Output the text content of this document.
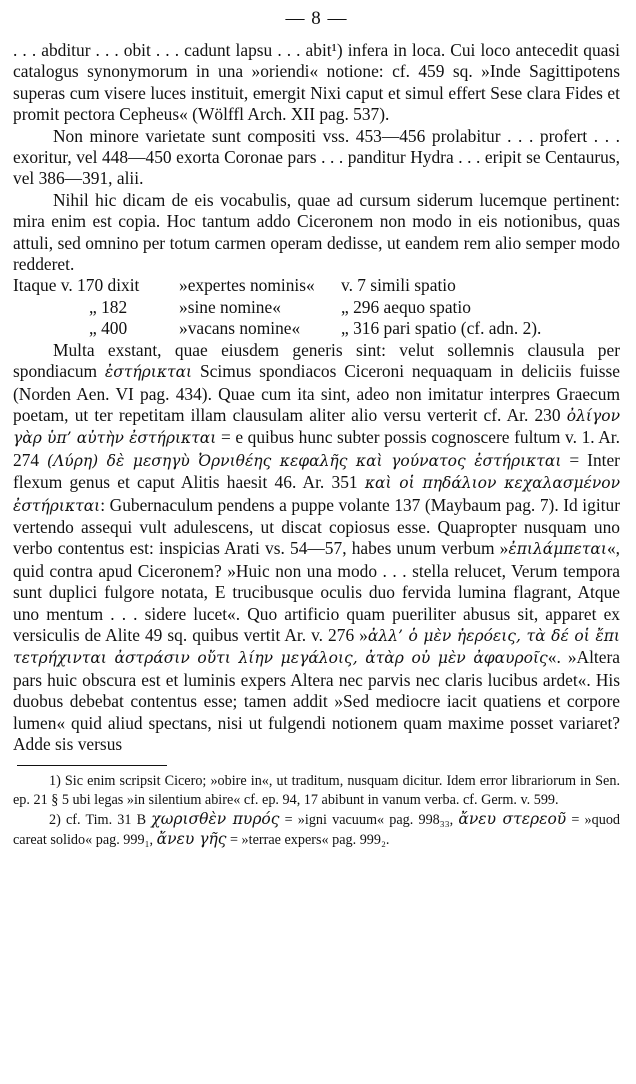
— 8 —

. . . abditur . . . obit . . . cadunt lapsu . . . abit¹) infera in loca. Cui loco antecedit quasi catalogus synonymorum in una »oriendi« notione: cf. 459 sq. »Inde Sagittipotens superas cum visere luces instituit, emergit Nixi caput et simul effert Sese clara Fides et promit pectora Cepheus« (Wölffl Arch. XII pag. 537).

Non minore varietate sunt compositi vss. 453—456 prolabitur . . . profert . . . exoritur, vel 448—450 exorta Coronae pars . . . panditur Hydra . . . eripit se Centaurus, vel 386—391, alii.

Nihil hic dicam de eis vocabulis, quae ad cursum siderum lucemque pertinent: mira enim est copia. Hoc tantum addo Ciceronem non modo in eis notionibus, quas attuli, sed omnino per totum carmen operam dedisse, ut eandem rem alio semper modo redderet.

Itaque v. 170 dixit	»expertes nominis«	v. 7 simili spatio
„ 182	»sine nomine«	„ 296 aequo spatio
„ 400	»vacans nomine«	„ 316 pari spatio (cf. adn. 2).

Multa exstant, quae eiusdem generis sint: velut sollemnis clausula per spondiacum ἐστήρικται Scimus spondiacos Ciceroni nequaquam in deliciis fuisse (Norden Aen. VI pag. 434). Quae cum ita sint, adeo non imitatur interpres Graecum poetam, ut ter repetitam illam clausulam aliter alio versu verterit cf. Ar. 230 ὀλίγον γὰρ ὑπ’ αὐτὴν ἐστήρικται = e quibus hunc subter possis cognoscere fultum v. 1. Ar. 274 (Λύρη) δὲ μεσηγὺ Ὀρνιθέης κεφαλῆς καὶ γούνατος ἐστήρικται = Inter flexum genus et caput Alitis haesit 46. Ar. 351 καὶ οἱ πηδάλιον κεχαλασμένον ἐστήρικται: Gubernaculum pendens a puppe volante 137 (Maybaum pag. 7). Id igitur vertendo assequi vult adulescens, ut discat copiosus esse. Quapropter nusquam uno verbo contentus est: inspicias Arati vs. 54—57, habes unum verbum »ἐπιλάμπεται«, quid contra apud Ciceronem? »Huic non una modo . . . stella relucet, Verum tempora sunt duplici fulgore notata, E trucibusque oculis duo fervida lumina flagrant, Atque uno mentum . . . sidere lucet«. Quo artificio quam pueriliter abusus sit, apparet ex versiculis de Alite 49 sq. quibus vertit Ar. v. 276 »ἀλλ’ ὁ μὲν ἠερόεις, τὰ δέ οἱ ἔπι τετρήχινται ἀστράσιν οὔτι λίην μεγάλοις, ἀτὰρ οὐ μὲν ἀφαυροῖς«. »Altera pars huic obscura est et luminis expers Altera nec parvis nec claris lucibus ardet«. His duobus debebat contentus esse; tamen addit »Sed mediocre iacit quatiens et corpore lumen« quid aliud spectans, nisi ut fulgendi notionem quam maxime posset variaret? Adde sis versus

1) Sic enim scripsit Cicero; »obire in«, ut traditum, nusquam dicitur. Idem error librariorum in Sen. ep. 21 § 5 ubi legas »in silentium abire« cf. ep. 94, 17 abibunt in vanum verba. cf. Germ. v. 599.

2) cf. Tim. 31 B χωρισθὲν πυρός = »igni vacuum« pag. 998₃₃, ἄνευ στερεοῦ = »quod careat solido« pag. 999₁, ἄνευ γῆς = »terrae expers« pag. 999₂.
